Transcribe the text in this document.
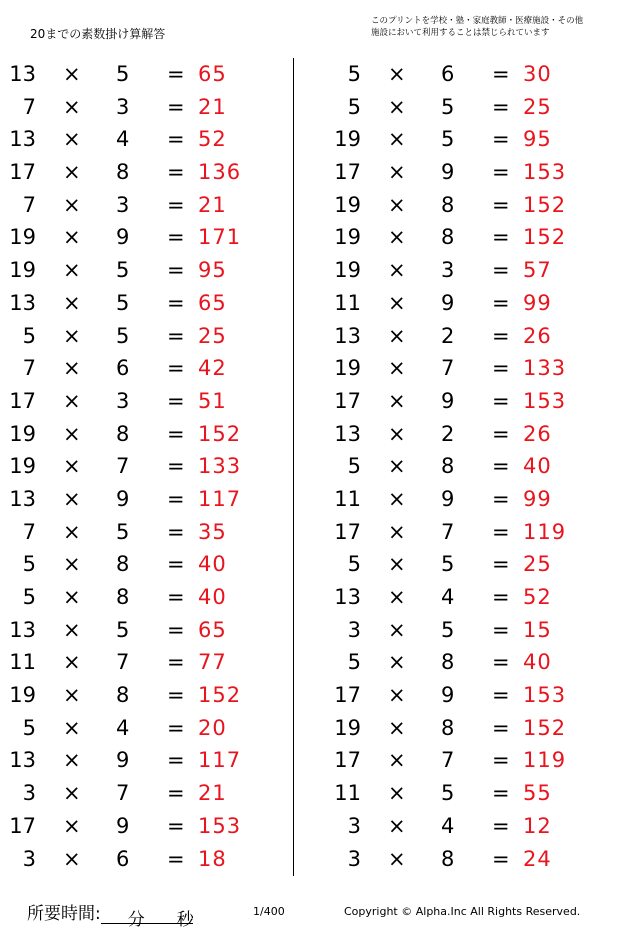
20までの素数掛け算解答
このプリントを学校・塾・家庭教師・医療施設・その他
施設において利用することは禁じられています
13 × 5 = 65
7 × 3 = 21
13 × 4 = 52
17 × 8 = 136
7 × 3 = 21
19 × 9 = 171
19 × 5 = 95
13 × 5 = 65
5 × 5 = 25
7 × 6 = 42
17 × 3 = 51
19 × 8 = 152
19 × 7 = 133
13 × 9 = 117
7 × 5 = 35
5 × 8 = 40
5 × 8 = 40
13 × 5 = 65
11 × 7 = 77
19 × 8 = 152
5 × 4 = 20
13 × 9 = 117
3 × 7 = 21
17 × 9 = 153
3 × 6 = 18
5 × 6 = 30
5 × 5 = 25
19 × 5 = 95
17 × 9 = 153
19 × 8 = 152
19 × 8 = 152
19 × 3 = 57
11 × 9 = 99
13 × 2 = 26
19 × 7 = 133
17 × 9 = 153
13 × 2 = 26
5 × 8 = 40
11 × 9 = 99
17 × 7 = 119
5 × 5 = 25
13 × 4 = 52
3 × 5 = 15
5 × 8 = 40
17 × 9 = 153
19 × 8 = 152
17 × 7 = 119
11 × 5 = 55
3 × 4 = 12
3 × 8 = 24
所要時間: 分 秒	1/400	Copyright © Alpha.Inc All Rights Reserved.
